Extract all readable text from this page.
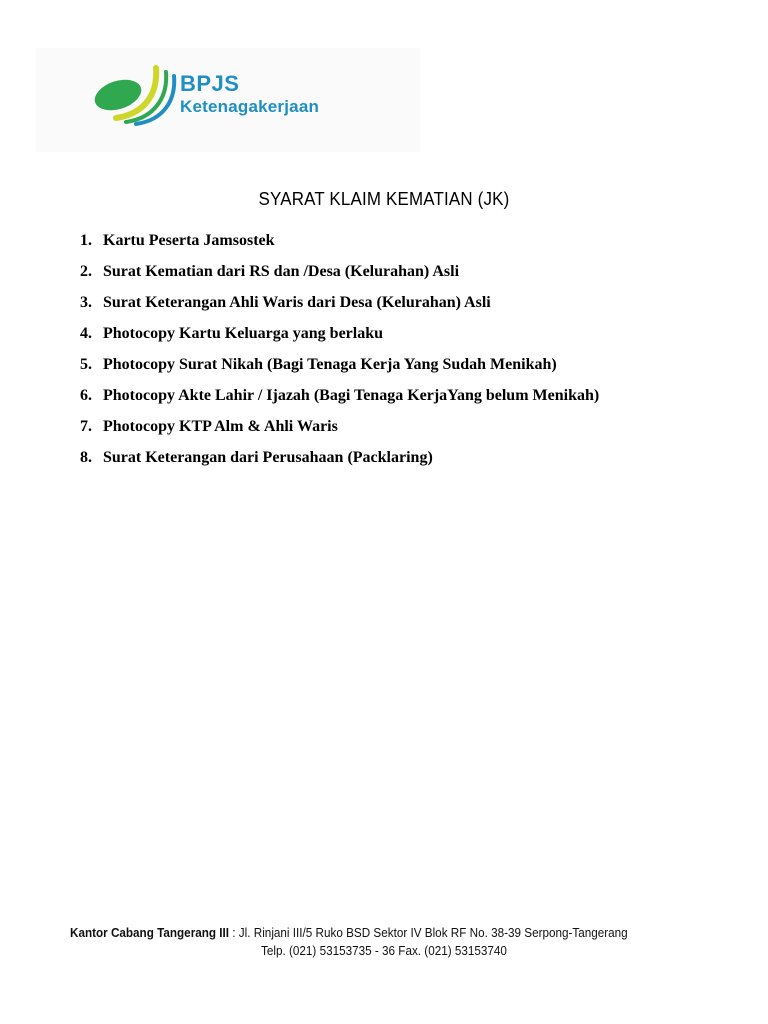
BPJS
Ketenagakerjaan
SYARAT KLAIM KEMATIAN (JK)
1. Kartu Peserta Jamsostek
2. Surat Kematian dari RS dan /Desa (Kelurahan) Asli
3. Surat Keterangan Ahli Waris dari Desa (Kelurahan) Asli
4. Photocopy Kartu Keluarga yang berlaku
5. Photocopy Surat Nikah (Bagi Tenaga Kerja Yang Sudah Menikah)
6. Photocopy Akte Lahir / Ijazah (Bagi Tenaga KerjaYang belum Menikah)
7. Photocopy KTP Alm & Ahli Waris
8. Surat Keterangan dari Perusahaan (Packlaring)
Kantor Cabang Tangerang III : Jl. Rinjani III/5 Ruko BSD Sektor IV Blok RF No. 38-39 Serpong-Tangerang
Telp. (021) 53153735 - 36 Fax. (021) 53153740
